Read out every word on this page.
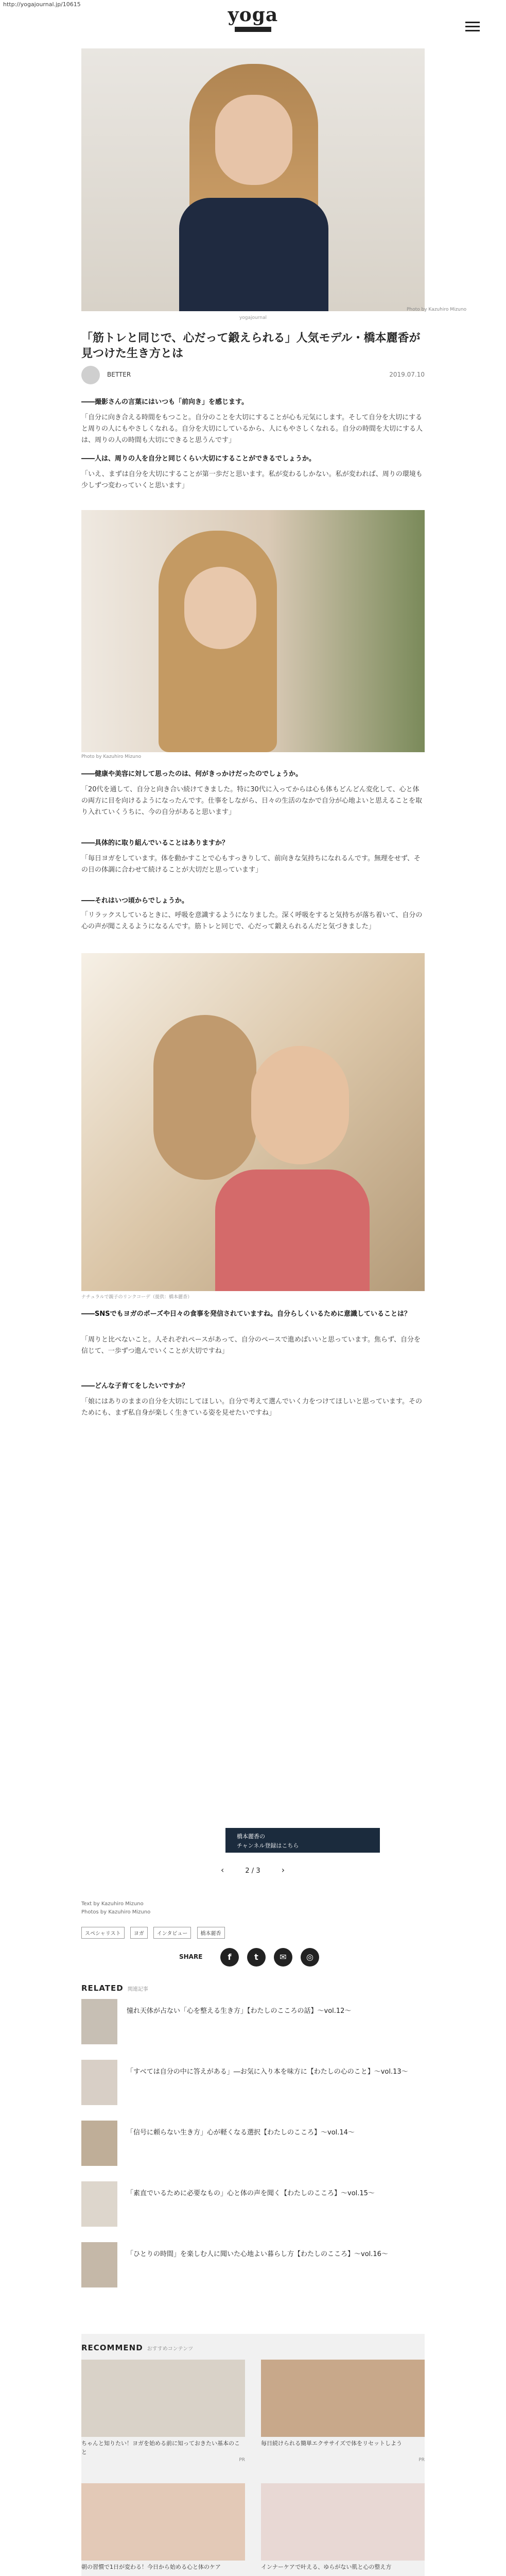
http://yogajournal.jp/10615	yoga
Photo by Kazuhiro Mizuno
yogajournal
「筋トレと同じで、心だって鍛えられる」人気モデル・橋本麗香が見つけた生き方とは
BETTER	2019.07.10
――撮影さんの言葉にはいつも「前向き」を感じます。
「自分に向き合える時間をもつこと。自分のことを大切にすることが心も元気にします。そして自分を大切にすると周りの人にもやさしくなれる。自分を大切にしているから、人にもやさしくなれる。自分の時間を大切にする人は、周りの人の時間も大切にできると思うんです」
――人は、周りの人を自分と同じくらい大切にすることができるでしょうか。
「いえ、まずは自分を大切にすることが第一歩だと思います。私が変わるしかない。私が変われば、周りの環境も少しずつ変わっていくと思います」
Photo by Kazuhiro Mizuno
――健康や美容に対して思ったのは、何がきっかけだったのでしょうか。
「20代を通して、自分と向き合い続けてきました。特に30代に入ってからは心も体もどんどん変化して、心と体の両方に目を向けるようになったんです。仕事をしながら、日々の生活のなかで自分が心地よいと思えることを取り入れていくうちに、今の自分があると思います」
――具体的に取り組んでいることはありますか？
「毎日ヨガをしています。体を動かすことで心もすっきりして、前向きな気持ちになれるんです。無理をせず、その日の体調に合わせて続けることが大切だと思っています」
――それはいつ頃からでしょうか。
「リラックスしているときに、呼吸を意識するようになりました。深く呼吸をすると気持ちが落ち着いて、自分の心の声が聞こえるようになるんです。筋トレと同じで、心だって鍛えられるんだと気づきました」
ナチュラルで親子のリンクコーデ（提供：橋本麗香）
――SNSでもヨガのポーズや日々の食事を発信されていますね。自分らしくいるために意識していることは？
「周りと比べないこと。人それぞれペースがあって、自分のペースで進めばいいと思っています。焦らず、自分を信じて、一歩ずつ進んでいくことが大切ですね」
――どんな子育てをしたいですか？
「娘にはありのままの自分を大切にしてほしい。自分で考えて選んでいく力をつけてほしいと思っています。そのためにも、まず私自身が楽しく生きている姿を見せたいですね」
橋本麗香の
チャンネル登録はこちら
‹	2 / 3	›
Text by Kazuhiro Mizuno
Photos by Kazuhiro Mizuno
スペシャリスト	ヨガ	インタビュー	橋本麗香
SHARE	f	t	✉	◎
RELATED 関連記事
憧れ天体が占ない「心を整える生き方」【わたしのこころの話】～vol.12～
「すべては自分の中に答えがある」―お気に入り本を味方に【わたしの心のこと】～vol.13～
「信号に頼らない生き方」心が軽くなる選択【わたしのこころ】～vol.14～
「素直でいるために必要なもの」心と体の声を聞く【わたしのこころ】～vol.15～
「ひとりの時間」を楽しむ人に聞いた心地よい暮らし方【わたしのこころ】～vol.16～
RECOMMEND おすすめコンテンツ
ちゃんと知りたい！ヨガを始める前に知っておきたい基本のこと
PR
毎日続けられる簡単エクササイズで体をリセットしよう
PR
朝の習慣で1日が変わる！今日から始める心と体のケア	インナーケアで叶える、ゆらがない肌と心の整え方
